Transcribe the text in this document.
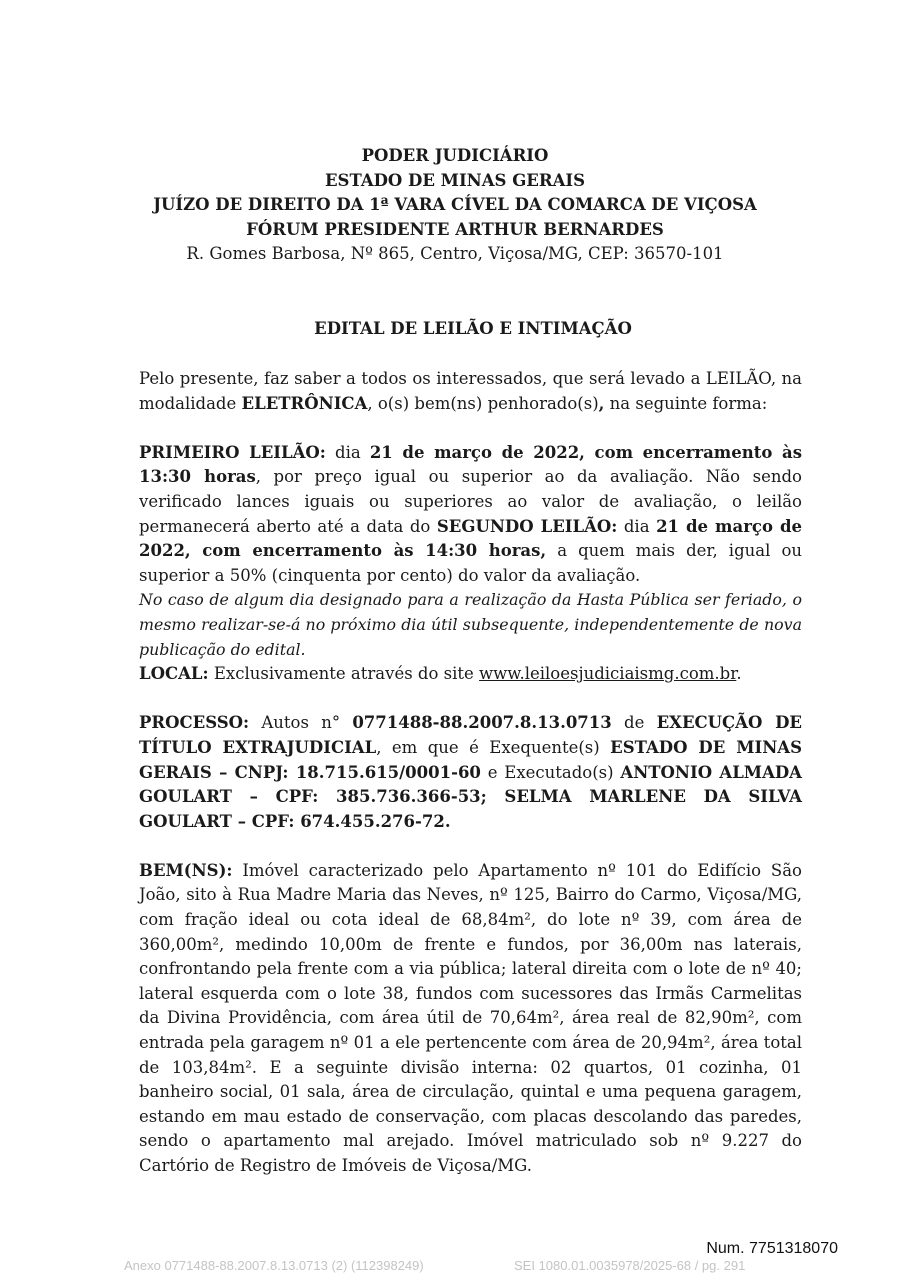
PODER JUDICIÁRIO
ESTADO DE MINAS GERAIS
JUÍZO DE DIREITO DA 1ª VARA CÍVEL DA COMARCA DE VIÇOSA
FÓRUM PRESIDENTE ARTHUR BERNARDES
R. Gomes Barbosa, Nº 865, Centro, Viçosa/MG, CEP: 36570-101
EDITAL DE LEILÃO E INTIMAÇÃO

Pelo presente, faz saber a todos os interessados, que será levado a LEILÃO, na modalidade ELETRÔNICA, o(s) bem(ns) penhorado(s), na seguinte forma:

PRIMEIRO LEILÃO: dia 21 de março de 2022, com encerramento às 13:30 horas, por preço igual ou superior ao da avaliação. Não sendo verificado lances iguais ou superiores ao valor de avaliação, o leilão permanecerá aberto até a data do SEGUNDO LEILÃO: dia 21 de março de 2022, com encerramento às 14:30 horas, a quem mais der, igual ou superior a 50% (cinquenta por cento) do valor da avaliação.

No caso de algum dia designado para a realização da Hasta Pública ser feriado, o mesmo realizar-se-á no próximo dia útil subsequente, independentemente de nova publicação do edital.

LOCAL: Exclusivamente através do site www.leiloesjudiciaismg.com.br.

PROCESSO: Autos n° 0771488-88.2007.8.13.0713 de EXECUÇÃO DE TÍTULO EXTRAJUDICIAL, em que é Exequente(s) ESTADO DE MINAS GERAIS – CNPJ: 18.715.615/0001-60 e Executado(s) ANTONIO ALMADA GOULART – CPF: 385.736.366-53; SELMA MARLENE DA SILVA GOULART – CPF: 674.455.276-72.

BEM(NS): Imóvel caracterizado pelo Apartamento nº 101 do Edifício São João, sito à Rua Madre Maria das Neves, nº 125, Bairro do Carmo, Viçosa/MG, com fração ideal ou cota ideal de 68,84m², do lote nº 39, com área de 360,00m², medindo 10,00m de frente e fundos, por 36,00m nas laterais, confrontando pela frente com a via pública; lateral direita com o lote de nº 40; lateral esquerda com o lote 38, fundos com sucessores das Irmãs Carmelitas da Divina Providência, com área útil de 70,64m², área real de 82,90m², com entrada pela garagem nº 01 a ele pertencente com área de 20,94m², área total de 103,84m². E a seguinte divisão interna: 02 quartos, 01 cozinha, 01 banheiro social, 01 sala, área de circulação, quintal e uma pequena garagem, estando em mau estado de conservação, com placas descolando das paredes, sendo o apartamento mal arejado. Imóvel matriculado sob nº 9.227 do Cartório de Registro de Imóveis de Viçosa/MG.

Num. 7751318070
Anexo 0771488-88.2007.8.13.0713 (2) (112398249)	SEI 1080.01.0035978/2025-68 / pg. 291
